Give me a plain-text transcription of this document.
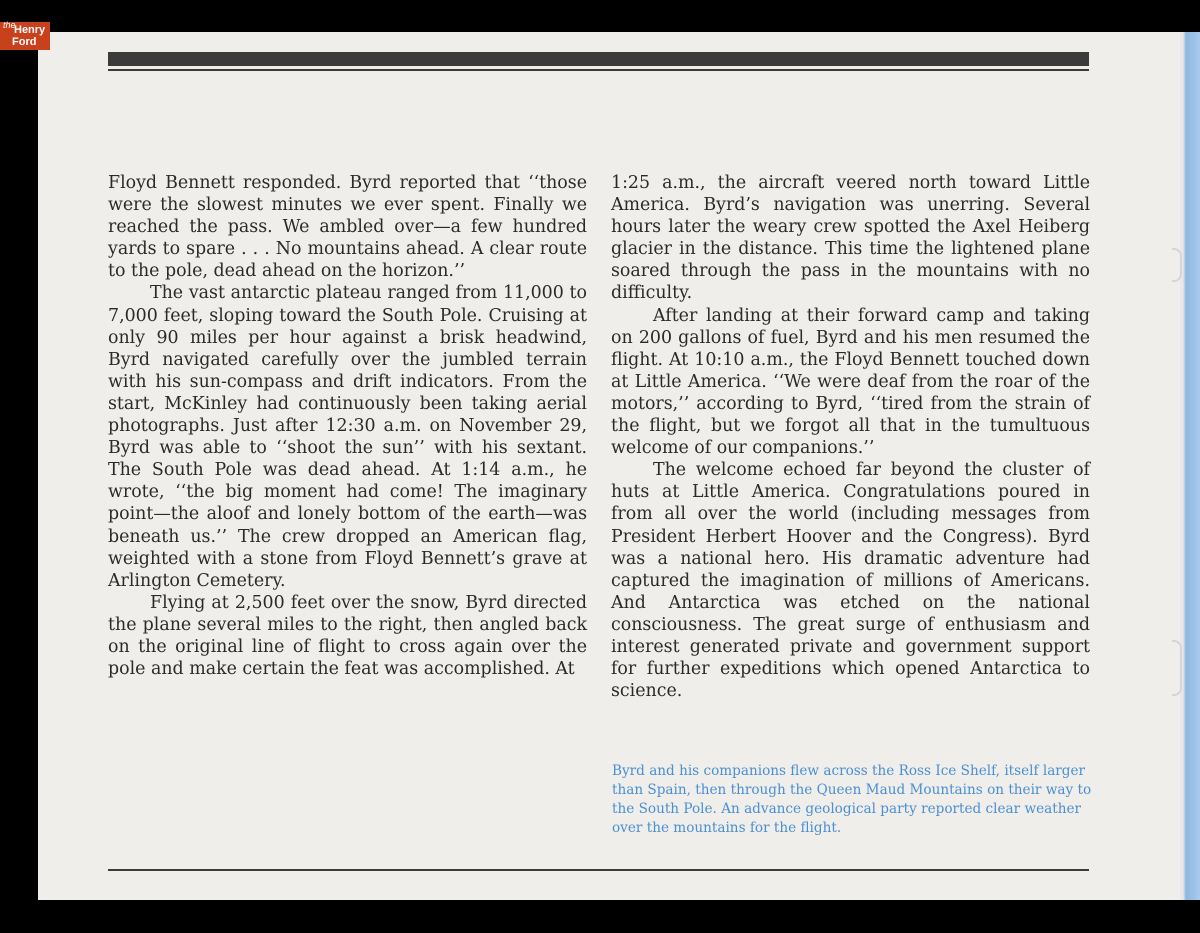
the
Henry
Ford

Floyd Bennett responded. Byrd reported that ‘‘those were the slowest minutes we ever spent. Finally we reached the pass. We ambled over—a few hundred yards to spare . . . No mountains ahead. A clear route to the pole, dead ahead on the horizon.’’

The vast antarctic plateau ranged from 11,000 to 7,000 feet, sloping toward the South Pole. Cruising at only 90 miles per hour against a brisk headwind, Byrd navigated carefully over the jumbled terrain with his sun-compass and drift indicators. From the start, McKinley had continuously been taking aerial photographs. Just after 12:30 a.m. on November 29, Byrd was able to ‘‘shoot the sun’’ with his sextant. The South Pole was dead ahead. At 1:14 a.m., he wrote, ‘‘the big moment had come! The imaginary point—the aloof and lonely bottom of the earth—was beneath us.’’ The crew dropped an American flag, weighted with a stone from Floyd Bennett’s grave at Arlington Cemetery.

Flying at 2,500 feet over the snow, Byrd directed the plane several miles to the right, then angled back on the original line of flight to cross again over the pole and make certain the feat was accomplished. At

1:25 a.m., the aircraft veered north toward Little America. Byrd’s navigation was unerring. Several hours later the weary crew spotted the Axel Heiberg glacier in the distance. This time the lightened plane soared through the pass in the mountains with no difficulty.

After landing at their forward camp and taking on 200 gallons of fuel, Byrd and his men resumed the flight. At 10:10 a.m., the Floyd Bennett touched down at Little America. ‘‘We were deaf from the roar of the motors,’’ according to Byrd, ‘‘tired from the strain of the flight, but we forgot all that in the tumultuous welcome of our companions.’’

The welcome echoed far beyond the cluster of huts at Little America. Congratulations poured in from all over the world (including messages from President Herbert Hoover and the Congress). Byrd was a national hero. His dramatic adventure had captured the imagination of millions of Americans. And Antarctica was etched on the national consciousness. The great surge of enthusiasm and interest generated private and government support for further expeditions which opened Antarctica to science.

Byrd and his companions flew across the Ross Ice Shelf, itself larger than Spain, then through the Queen Maud Mountains on their way to the South Pole. An advance geological party reported clear weather over the mountains for the flight.
